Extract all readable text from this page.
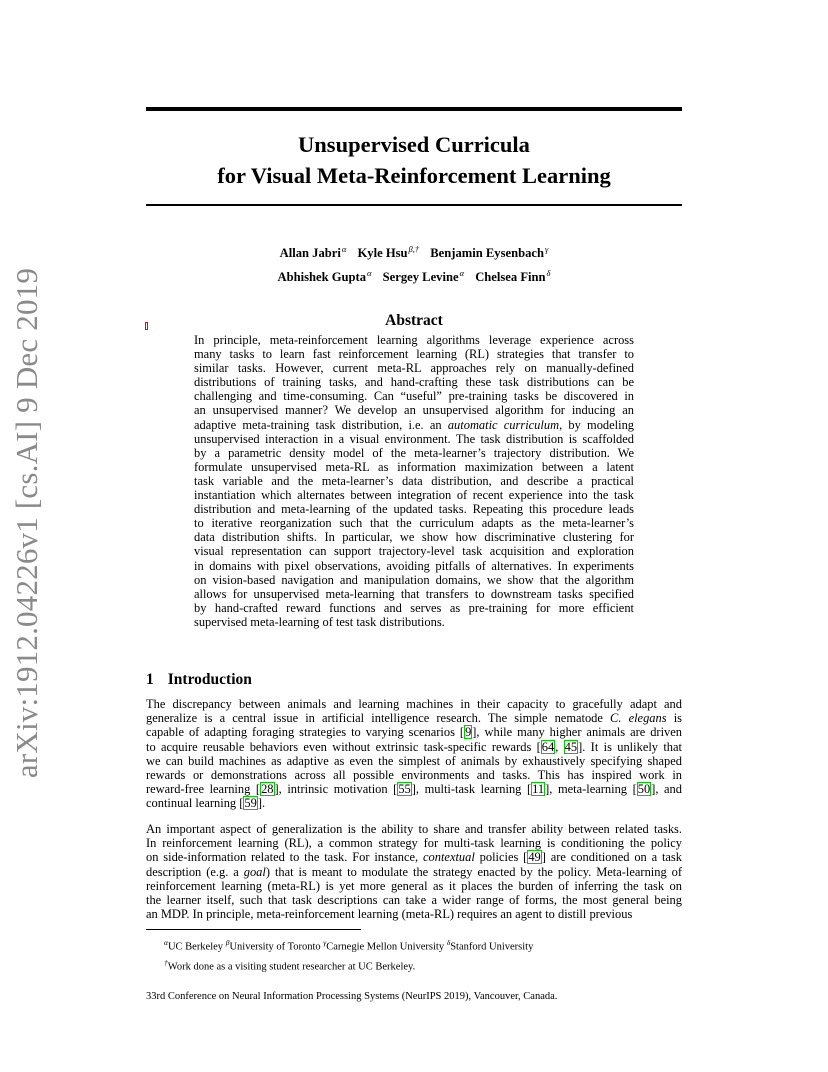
arXiv:1912.04226v1 [cs.AI] 9 Dec 2019
Unsupervised Curricula
for Visual Meta-Reinforcement Learning
Allan Jabri$^\alpha$ Kyle Hsu$^{\beta,\dagger}$ Benjamin Eysenbach$^\gamma$
Abhishek Gupta$^\alpha$ Sergey Levine$^\alpha$ Chelsea Finn$^\delta$
Abstract
In principle, meta-reinforcement learning algorithms leverage experience across
many tasks to learn fast reinforcement learning (RL) strategies that transfer to
similar tasks. However, current meta-RL approaches rely on manually-defined
distributions of training tasks, and hand-crafting these task distributions can be
challenging and time-consuming. Can “useful” pre-training tasks be discovered in
an unsupervised manner? We develop an unsupervised algorithm for inducing an
adaptive meta-training task distribution, i.e. an automatic curriculum, by modeling
unsupervised interaction in a visual environment. The task distribution is scaffolded
by a parametric density model of the meta-learner’s trajectory distribution. We
formulate unsupervised meta-RL as information maximization between a latent
task variable and the meta-learner’s data distribution, and describe a practical
instantiation which alternates between integration of recent experience into the task
distribution and meta-learning of the updated tasks. Repeating this procedure leads
to iterative reorganization such that the curriculum adapts as the meta-learner’s
data distribution shifts. In particular, we show how discriminative clustering for
visual representation can support trajectory-level task acquisition and exploration
in domains with pixel observations, avoiding pitfalls of alternatives. In experiments
on vision-based navigation and manipulation domains, we show that the algorithm
allows for unsupervised meta-learning that transfers to downstream tasks specified
by hand-crafted reward functions and serves as pre-training for more efficient
supervised meta-learning of test task distributions.
1 Introduction
The discrepancy between animals and learning machines in their capacity to gracefully adapt and
generalize is a central issue in artificial intelligence research. The simple nematode C. elegans is
capable of adapting foraging strategies to varying scenarios [9], while many higher animals are driven
to acquire reusable behaviors even without extrinsic task-specific rewards [64, 45]. It is unlikely that
we can build machines as adaptive as even the simplest of animals by exhaustively specifying shaped
rewards or demonstrations across all possible environments and tasks. This has inspired work in
reward-free learning [28], intrinsic motivation [55], multi-task learning [11], meta-learning [50], and
continual learning [59].
An important aspect of generalization is the ability to share and transfer ability between related tasks.
In reinforcement learning (RL), a common strategy for multi-task learning is conditioning the policy
on side-information related to the task. For instance, contextual policies [49] are conditioned on a task
description (e.g. a goal) that is meant to modulate the strategy enacted by the policy. Meta-learning of
reinforcement learning (meta-RL) is yet more general as it places the burden of inferring the task on
the learner itself, such that task descriptions can take a wider range of forms, the most general being
an MDP. In principle, meta-reinforcement learning (meta-RL) requires an agent to distill previous
$^\alpha$UC Berkeley $^\beta$University of Toronto $^\gamma$Carnegie Mellon University $^\delta$Stanford University
†Work done as a visiting student researcher at UC Berkeley.
33rd Conference on Neural Information Processing Systems (NeurIPS 2019), Vancouver, Canada.
